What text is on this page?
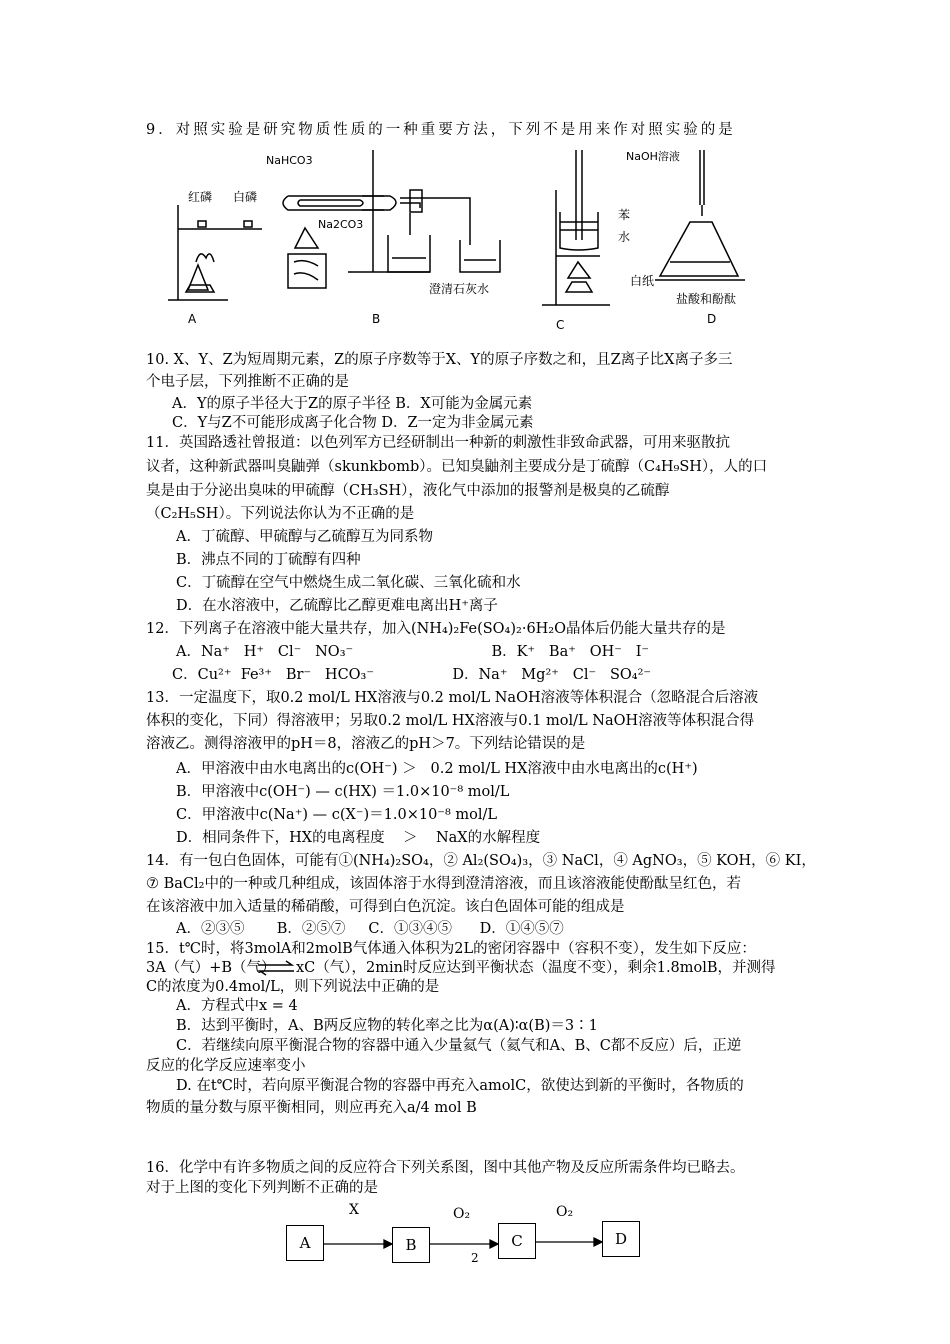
9．对照实验是研究物质性质的一种重要方法，下列不是用来作对照实验的是
红磷 白磷
NaHCO3
Na2CO3
澄清石灰水
苯
水
NaOH溶液
白纸
盐酸和酚酞
A	B	C	D
10. X、Y、Z为短周期元素，Z的原子序数等于X、Y的原子序数之和，且Z离子比X离子多三
个电子层，下列推断不正确的是
A．Y的原子半径大于Z的原子半径 B．X可能为金属元素
C．Y与Z不可能形成离子化合物 D．Z一定为非金属元素
11．英国路透社曾报道：以色列军方已经研制出一种新的刺激性非致命武器，可用来驱散抗
议者，这种新武器叫臭鼬弹（skunkbomb）。已知臭鼬剂主要成分是丁硫醇（C₄H₉SH），人的口
臭是由于分泌出臭味的甲硫醇（CH₃SH），液化气中添加的报警剂是极臭的乙硫醇
（C₂H₅SH）。下列说法你认为不正确的是
A．丁硫醇、甲硫醇与乙硫醇互为同系物
B．沸点不同的丁硫醇有四种
C．丁硫醇在空气中燃烧生成二氧化碳、三氧化硫和水
D．在水溶液中，乙硫醇比乙醇更难电离出H⁺离子
12．下列离子在溶液中能大量共存，加入(NH₄)₂Fe(SO₄)₂·6H₂O晶体后仍能大量共存的是
A．Na⁺   H⁺   Cl⁻   NO₃⁻                              B．K⁺   Ba⁺   OH⁻   I⁻
C．Cu²⁺  Fe³⁺   Br⁻   HCO₃⁻                 D．Na⁺   Mg²⁺   Cl⁻   SO₄²⁻
13．一定温度下，取0.2 mol/L HX溶液与0.2 mol/L NaOH溶液等体积混合（忽略混合后溶液
体积的变化，下同）得溶液甲；另取0.2 mol/L HX溶液与0.1 mol/L NaOH溶液等体积混合得
溶液乙。测得溶液甲的pH＝8，溶液乙的pH＞7。下列结论错误的是
A．甲溶液中由水电离出的c(OH⁻) ＞   0.2 mol/L HX溶液中由水电离出的c(H⁺)
B．甲溶液中c(OH⁻) — c(HX) ＝1.0×10⁻⁸ mol/L
C．甲溶液中c(Na⁺) — c(X⁻)＝1.0×10⁻⁸ mol/L
D．相同条件下，HX的电离程度    ＞    NaX的水解程度
14．有一包白色固体，可能有①(NH₄)₂SO₄，② Al₂(SO₄)₃，③ NaCl，④ AgNO₃，⑤ KOH，⑥ KI，
⑦ BaCl₂中的一种或几种组成，该固体溶于水得到澄清溶液，而且该溶液能使酚酞呈红色，若
在该溶液中加入适量的稀硝酸，可得到白色沉淀。该白色固体可能的组成是
A．②③⑤       B．②⑤⑦     C．①③④⑤      D．①④⑤⑦
15．t℃时，将3molA和2molB气体通入体积为2L的密闭容器中（容积不变），发生如下反应：
3A（气）+B（气） ⇌ xC（气），2min时反应达到平衡状态（温度不变），剩余1.8molB，并测得
C的浓度为0.4mol/L，则下列说法中正确的是
A．方程式中x = 4
B．达到平衡时，A、B两反应物的转化率之比为α(A)∶α(B)＝3∶1
C．若继续向原平衡混合物的容器中通入少量氦气（氦气和A、B、C都不反应）后，正逆
反应的化学反应速率变小
D. 在t℃时，若向原平衡混合物的容器中再充入amolC，欲使达到新的平衡时，各物质的
物质的量分数与原平衡相同，则应再充入a/4 mol B
16．化学中有许多物质之间的反应符合下列关系图，图中其他产物及反应所需条件均已略去。
对于上图的变化下列判断不正确的是
A	B	C	D
X	O₂	O₂
2
